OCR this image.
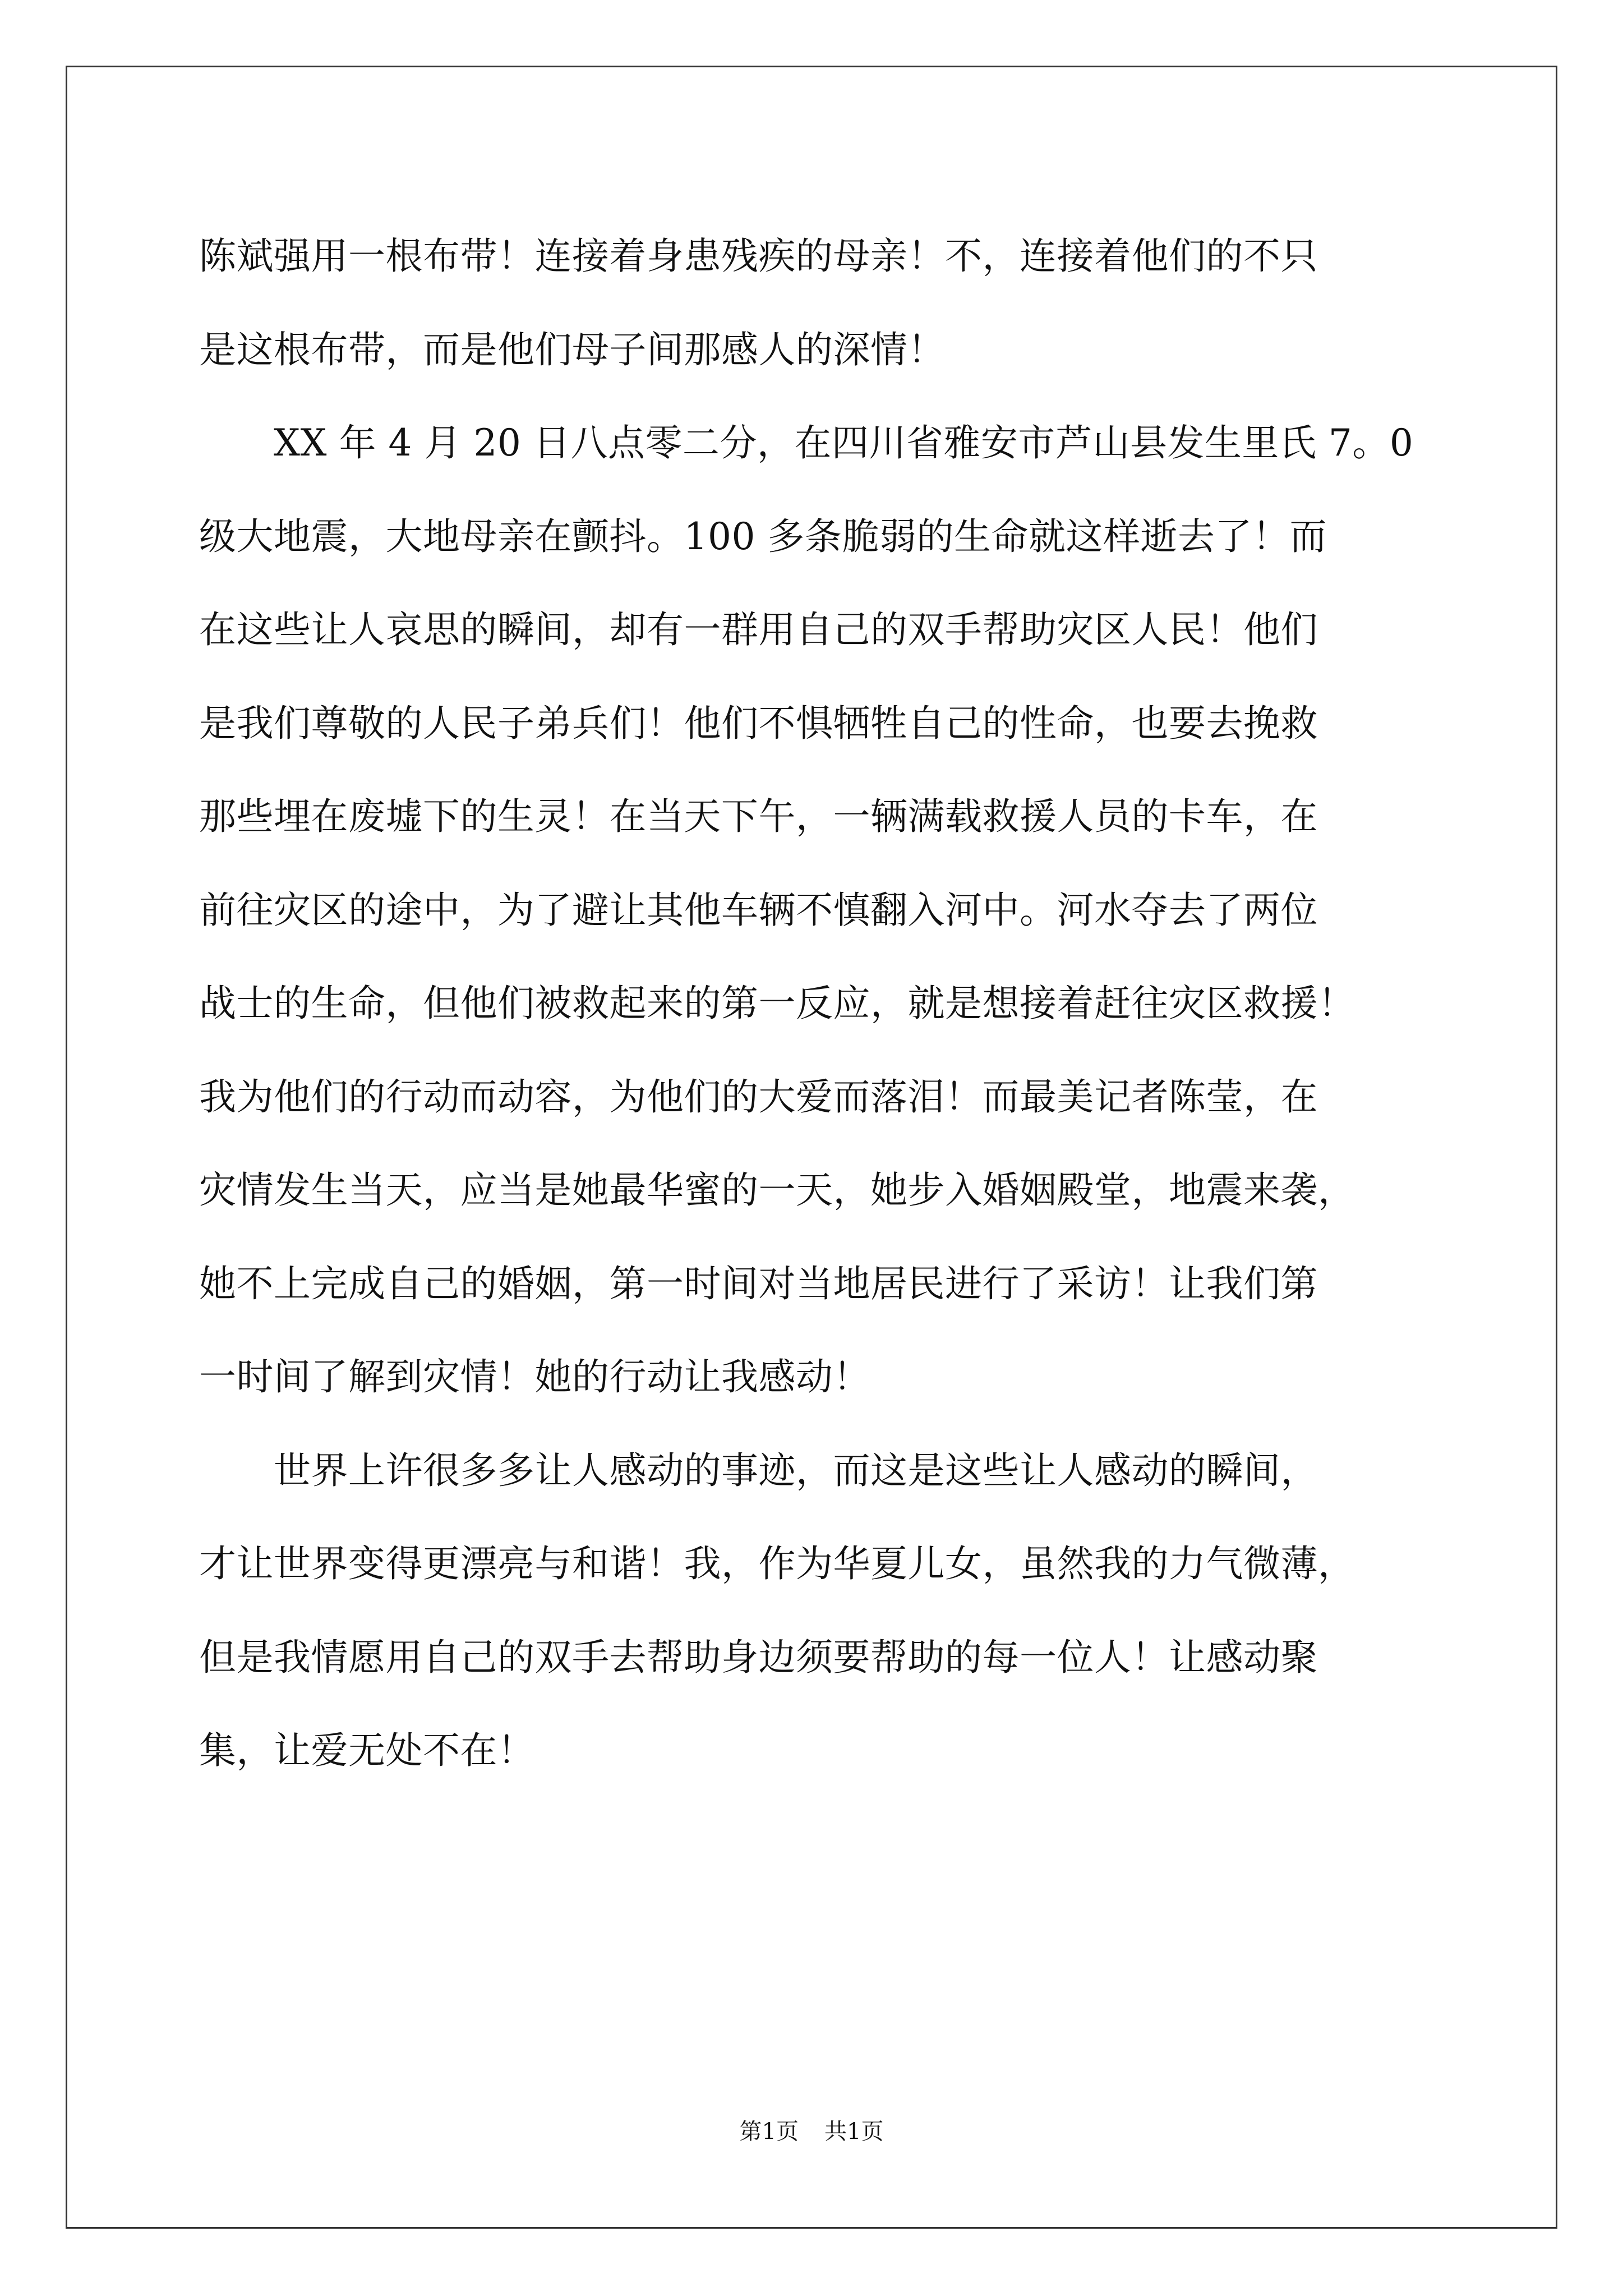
陈斌强用一根布带！连接着身患残疾的母亲！不，连接着他们的不只
是这根布带，而是他们母子间那感人的深情！
　　XX 年 4 月 20 日八点零二分，在四川省雅安市芦山县发生里氏 7。0
级大地震，大地母亲在颤抖。100 多条脆弱的生命就这样逝去了！而
在这些让人哀思的瞬间，却有一群用自己的双手帮助灾区人民！他们
是我们尊敬的人民子弟兵们！他们不惧牺牲自己的性命，也要去挽救
那些埋在废墟下的生灵！在当天下午，一辆满载救援人员的卡车，在
前往灾区的途中，为了避让其他车辆不慎翻入河中。河水夺去了两位
战士的生命，但他们被救起来的第一反应，就是想接着赶往灾区救援！
我为他们的行动而动容，为他们的大爱而落泪！而最美记者陈莹，在
灾情发生当天，应当是她最华蜜的一天，她步入婚姻殿堂，地震来袭，
她不上完成自己的婚姻，第一时间对当地居民进行了采访！让我们第
一时间了解到灾情！她的行动让我感动！
　　世界上许很多多让人感动的事迹，而这是这些让人感动的瞬间，
才让世界变得更漂亮与和谐！我，作为华夏儿女，虽然我的力气微薄，
但是我情愿用自己的双手去帮助身边须要帮助的每一位人！让感动聚
集，让爱无处不在！
第1页 共1页
